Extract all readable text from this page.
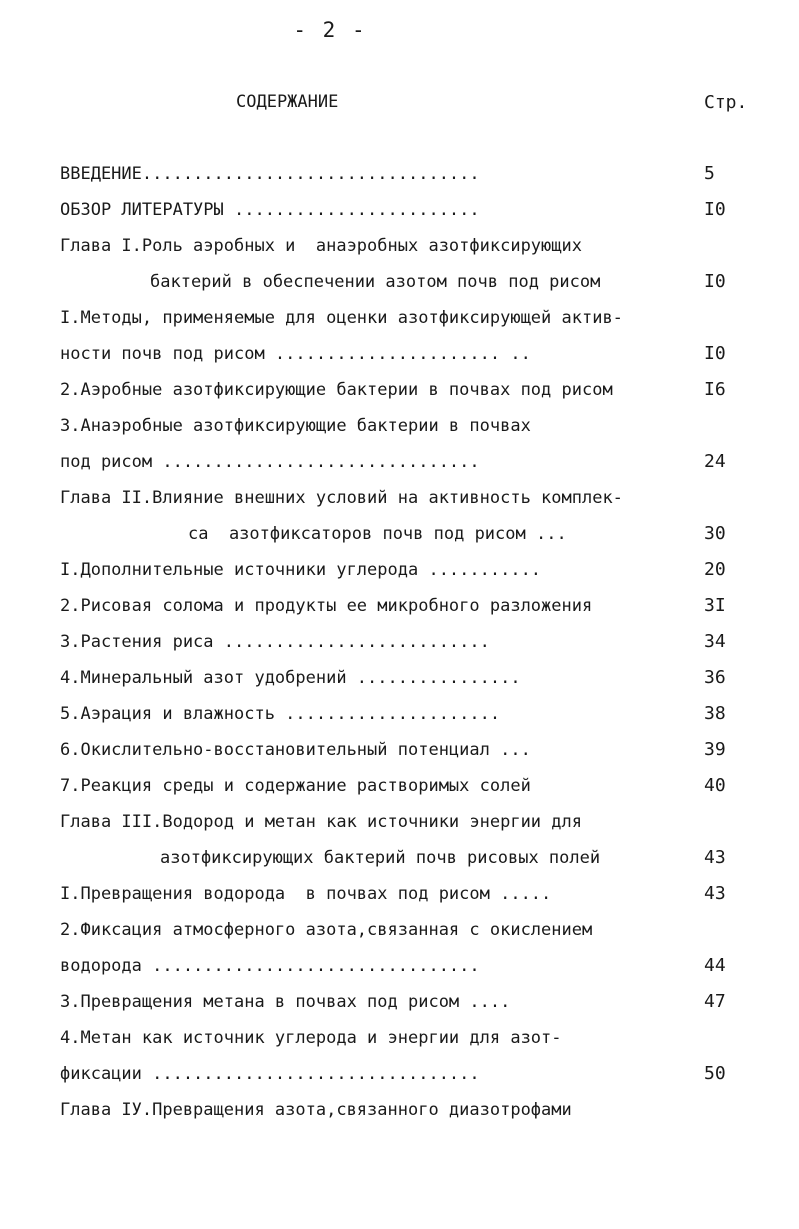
- 2 -
СОДЕРЖАНИЕ	Стр.
ВВЕДЕНИЕ.................................	5
ОБЗОР ЛИТЕРАТУРЫ ........................	I0
Глава I.Роль аэробных и  анаэробных азотфиксирующих
бактерий в обеспечении азотом почв под рисом	I0
I.Методы, применяемые для оценки азотфиксирующей актив-
ности почв под рисом ...................... ..	I0
2.Аэробные азотфиксирующие бактерии в почвах под рисом	I6
3.Анаэробные азотфиксирующие бактерии в почвах
под рисом ...............................	24
Глава II.Влияние внешних условий на активность комплек-
са  азотфиксаторов почв под рисом ...	30
I.Дополнительные источники углерода ...........	20
2.Рисовая солома и продукты ее микробного разложения	3I
3.Растения риса ..........................	34
4.Минеральный азот удобрений ................	36
5.Аэрация и влажность .....................	38
6.Окислительно-восстановительный потенциал ...	39
7.Реакция среды и содержание растворимых солей	40
Глава III.Водород и метан как источники энергии для
азотфиксирующих бактерий почв рисовых полей	43
I.Превращения водорода  в почвах под рисом .....	43
2.Фиксация атмосферного азота,связанная с окислением
водорода ................................	44
3.Превращения метана в почвах под рисом ....	47
4.Метан как источник углерода и энергии для азот-
фиксации ................................	50
Глава IУ.Превращения азота,связанного диазотрофами
